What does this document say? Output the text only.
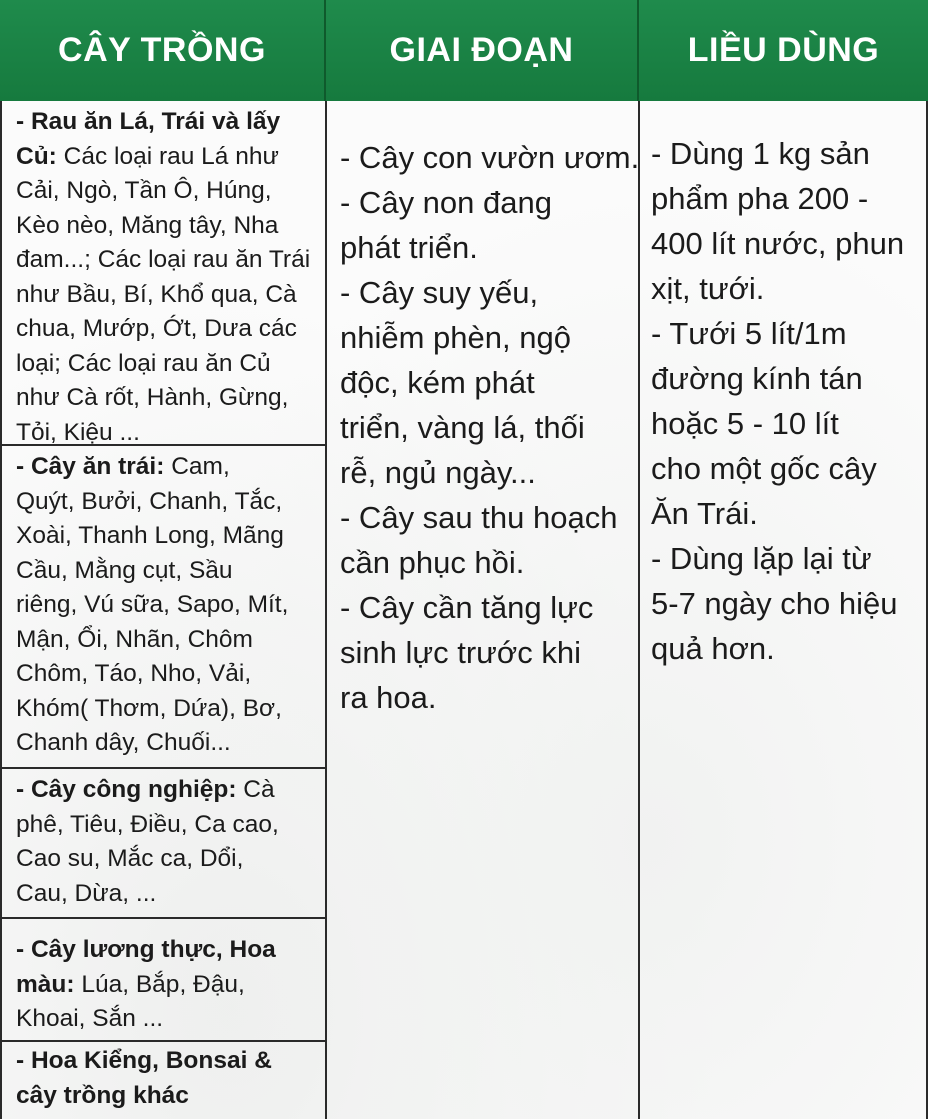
CÂY TRỒNG	GIAI ĐOẠN	LIỀU DÙNG
- Rau ăn Lá, Trái và lấy
Củ: Các loại rau Lá như
Cải, Ngò, Tần Ô, Húng,
Kèo nèo, Măng tây, Nha
đam...; Các loại rau ăn Trái
như Bầu, Bí, Khổ qua, Cà
chua, Mướp, Ớt, Dưa các
loại; Các loại rau ăn Củ
như Cà rốt, Hành, Gừng,
Tỏi, Kiệu ...
- Cây ăn trái: Cam,
Quýt, Bưởi, Chanh, Tắc,
Xoài, Thanh Long, Mãng
Cầu, Mằng cụt, Sầu
riêng, Vú sữa, Sapo, Mít,
Mận, Ổi, Nhãn, Chôm
Chôm, Táo, Nho, Vải,
Khóm( Thơm, Dứa), Bơ,
Chanh dây, Chuối...
- Cây công nghiệp: Cà
phê, Tiêu, Điều, Ca cao,
Cao su, Mắc ca, Dổi,
Cau, Dừa, ...
- Cây lương thực, Hoa
màu: Lúa, Bắp, Đậu,
Khoai, Sắn ...
- Hoa Kiểng, Bonsai &
cây trồng khác
- Cây con vườn ươm.
- Cây non đang
phát triển.
- Cây suy yếu,
nhiễm phèn, ngộ
độc, kém phát
triển, vàng lá, thối
rễ, ngủ ngày...
- Cây sau thu hoạch
cần phục hồi.
- Cây cần tăng lực
sinh lực trước khi
ra hoa.
- Dùng 1 kg sản
phẩm pha 200 -
400 lít nước, phun
xịt, tưới.
- Tưới 5 lít/1m
đường kính tán
hoặc 5 - 10 lít
cho một gốc cây
Ăn Trái.
- Dùng lặp lại từ
5-7 ngày cho hiệu
quả hơn.
